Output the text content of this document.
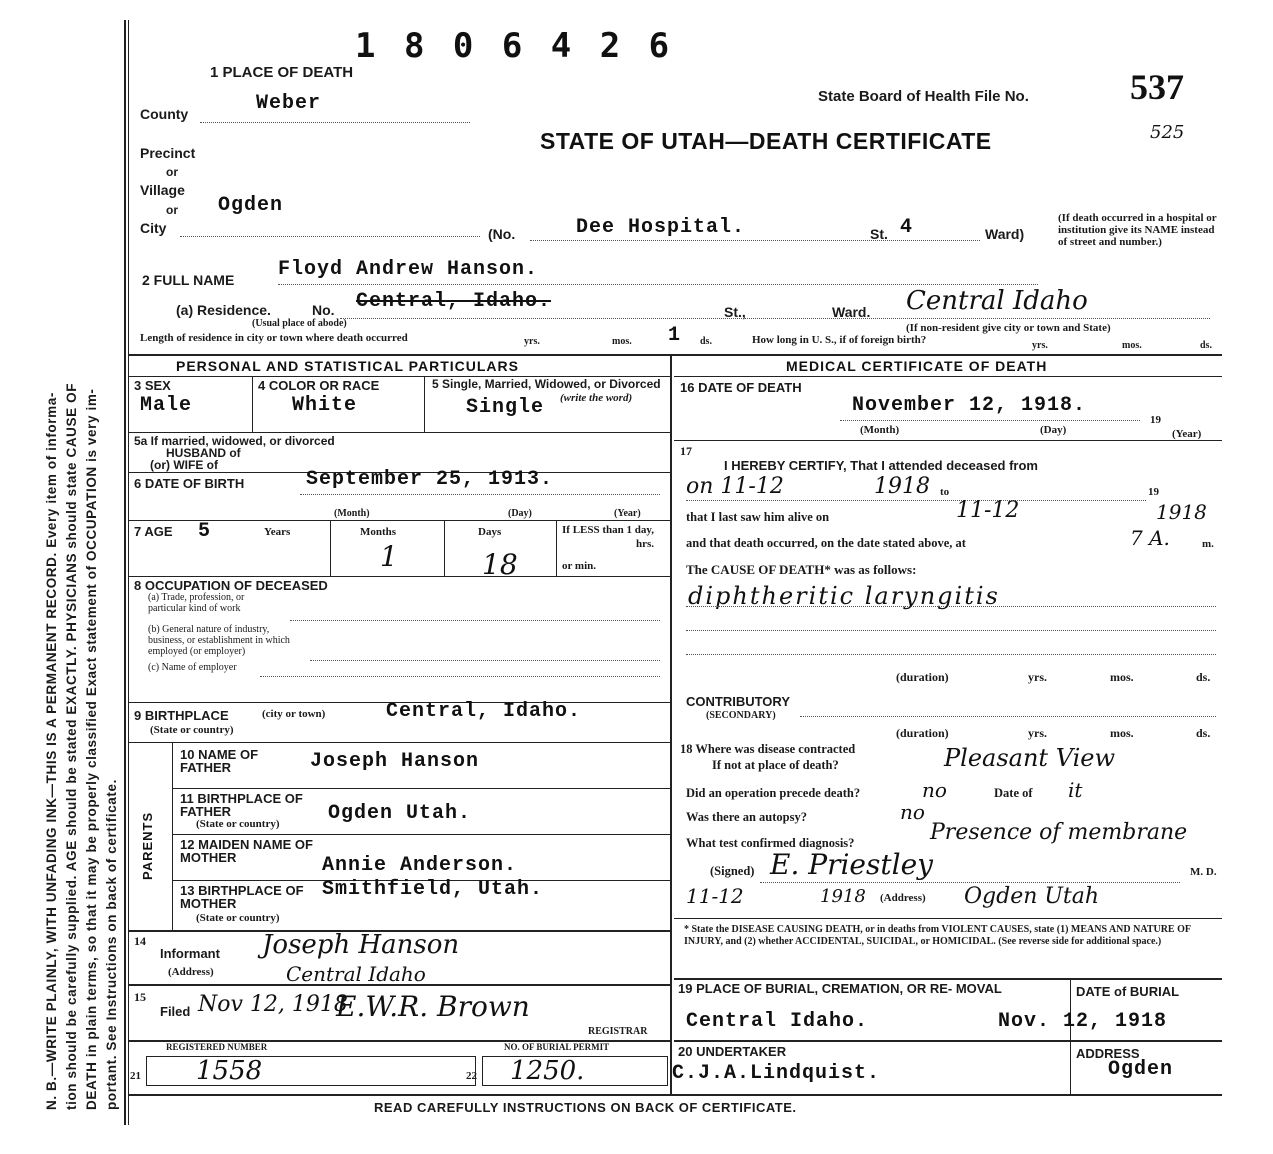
N. B.—WRITE PLAINLY, WITH UNFADING INK—THIS IS A PERMANENT RECORD. Every item of informa- tion should be carefully supplied. AGE should be stated EXACTLY. PHYSICIANS should state CAUSE OF DEATH in plain terms, so that it may be properly classified Exact statement of OCCUPATION is very im- portant. See Instructions on back of certificate.
1 8 0 6 4 2 6
State Board of Health File No.	537
525
STATE OF UTAH—DEATH CERTIFICATE
1 PLACE OF DEATH
County	Weber
Precinct
or
Village
or Ogden
City	(No.	Dee Hospital.	St. 4	Ward)
(If death occurred in a hospital or institution give its NAME instead of street and number.)
2 FULL NAME Floyd Andrew Hanson.
(a) Residence.	No. Central, Idaho.	St.,	Ward. Central Idaho
(Usual place of abode)	(If non-resident give city or town and State)
Length of residence in city or town where death occurred	yrs.	mos. 1 ds.	How long in U. S., if of foreign birth?	yrs.	mos.	ds.
PERSONAL AND STATISTICAL PARTICULARS	MEDICAL CERTIFICATE OF DEATH
3 SEX
Male
4 COLOR OR RACE
White
5 Single, Married, Widowed, or Divorced
(write the word)
Single
5a If married, widowed, or divorced
HUSBAND of
(or) WIFE of
6 DATE OF BIRTH	September 25, 1913.
(Month)	(Day)	(Year)
7 AGE 5	Years	Months
1
Days
18
If LESS than 1 day,
hrs.
or min.
8 OCCUPATION OF DECEASED
(a) Trade, profession, or particular kind of work
(b) General nature of industry, business, or establishment in which employed (or employer)
(c) Name of employer
9 BIRTHPLACE	(city or town)
(State or country)
Central, Idaho.
PARENTS
10 NAME OF FATHER	Joseph Hanson
11 BIRTHPLACE OF FATHER
(State or country) Ogden Utah.
12 MAIDEN NAME OF MOTHER	Annie Anderson.
13 BIRTHPLACE OF MOTHER
(State or country)
Smithfield, Utah.
14
Informant Joseph Hanson
(Address)	Central Idaho
15
Filed Nov 12, 1918
E.W.R. Brown
REGISTRAR
16 DATE OF DEATH
November 12, 1918.
(Month)	(Day)
19
(Year)
17
I HEREBY CERTIFY, That I attended deceased from
on 11-12	1918 to	19
that I last saw him alive on	11-12	1918
and that death occurred, on the date stated above, at	7 A.	m.
The CAUSE OF DEATH* was as follows:
diphtheritic laryngitis
(duration)	yrs.	mos.	ds.
CONTRIBUTORY
(SECONDARY)
(duration)	yrs.	mos.	ds.
18 Where was disease contracted
If not at place of death?	Pleasant View
Did an operation precede death?	no	Date of it
Was there an autopsy?	no
What test confirmed diagnosis?	Presence of membrane
(Signed) E. Priestley	M. D.
11-12	1918 (Address) Ogden Utah
* State the DISEASE CAUSING DEATH, or in deaths from VIOLENT CAUSES, state (1) MEANS AND NATURE OF INJURY, and (2) whether ACCIDENTAL, SUICIDAL, or HOMICIDAL. (See reverse side for additional space.)
19 PLACE OF BURIAL, CREMATION, OR RE- MOVAL
Central Idaho.
DATE of BURIAL
Nov. 12, 1918
20 UNDERTAKER
C.J.A.Lindquist.
ADDRESS
Ogden
REGISTERED NUMBER	NO. OF BURIAL PERMIT
21 1558	22 1250.
READ CAREFULLY INSTRUCTIONS ON BACK OF CERTIFICATE.
